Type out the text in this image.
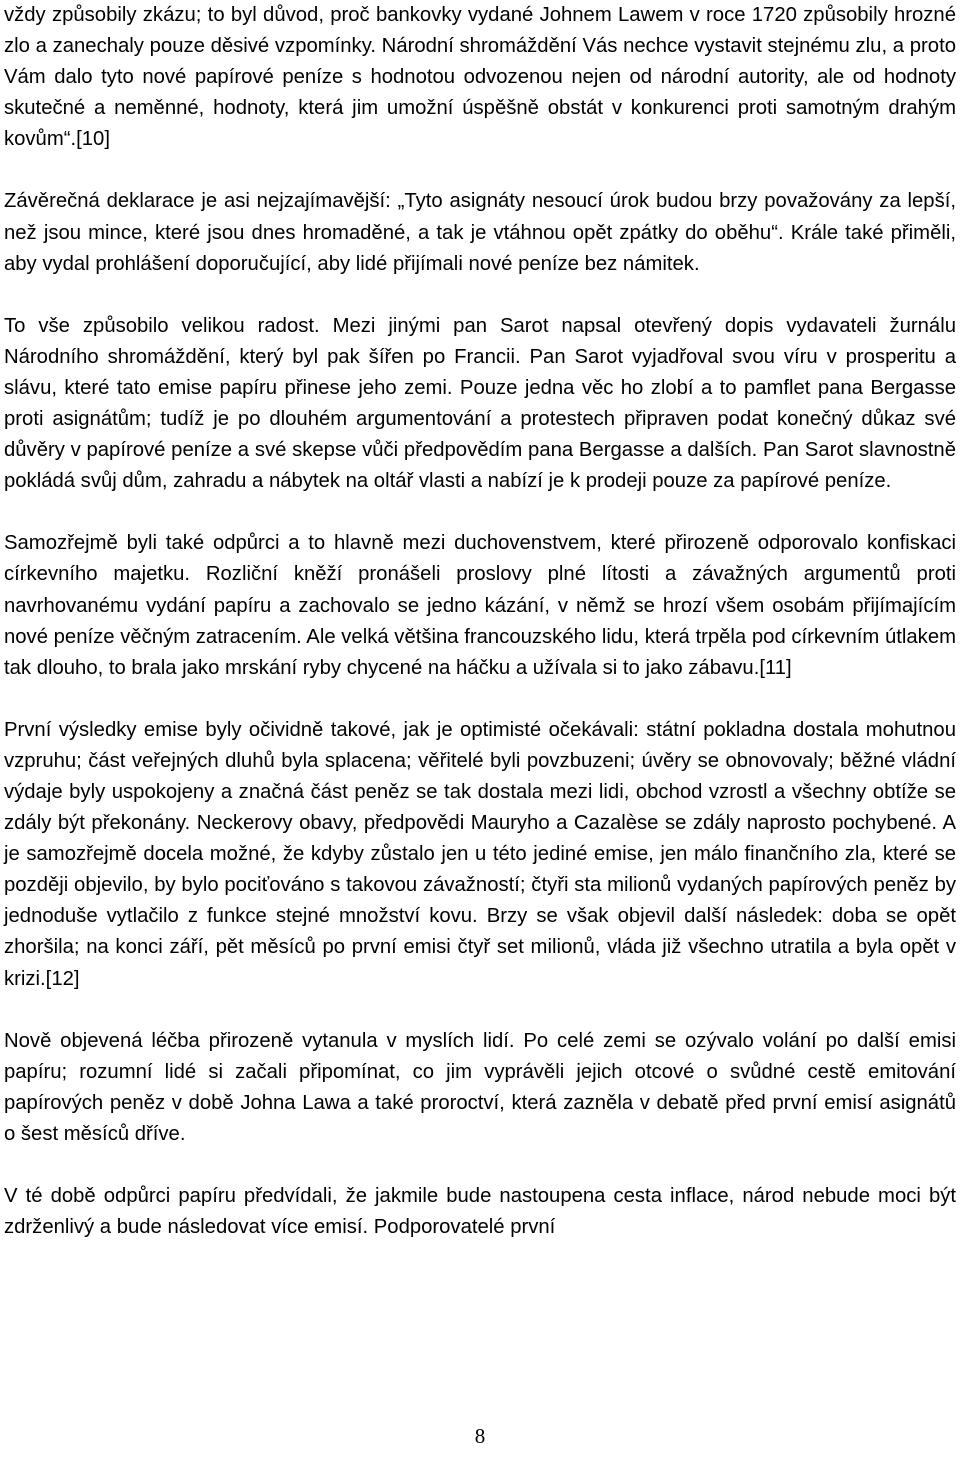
vždy způsobily zkázu; to byl důvod, proč bankovky vydané Johnem Lawem v roce 1720 způsobily hrozné zlo a zanechaly pouze děsivé vzpomínky. Národní shromáždění Vás nechce vystavit stejnému zlu, a proto Vám dalo tyto nové papírové peníze s hodnotou odvozenou nejen od národní autority, ale od hodnoty skutečné a neměnné, hodnoty, která jim umožní úspěšně obstát v konkurenci proti samotným drahým kovům“.[10]

Závěrečná deklarace je asi nejzajímavější: „Tyto asignáty nesoucí úrok budou brzy považovány za lepší, než jsou mince, které jsou dnes hromaděné, a tak je vtáhnou opět zpátky do oběhu“. Krále také přiměli, aby vydal prohlášení doporučující, aby lidé přijímali nové peníze bez námitek.

To vše způsobilo velikou radost. Mezi jinými pan Sarot napsal otevřený dopis vydavateli žurnálu Národního shromáždění, který byl pak šířen po Francii. Pan Sarot vyjadřoval svou víru v prosperitu a slávu, které tato emise papíru přinese jeho zemi. Pouze jedna věc ho zlobí a to pamflet pana Bergasse proti asignátům; tudíž je po dlouhém argumentování a protestech připraven podat konečný důkaz své důvěry v papírové peníze a své skepse vůči předpovědím pana Bergasse a dalších. Pan Sarot slavnostně pokládá svůj dům, zahradu a nábytek na oltář vlasti a nabízí je k prodeji pouze za papírové peníze.

Samozřejmě byli také odpůrci a to hlavně mezi duchovenstvem, které přirozeně odporovalo konfiskaci církevního majetku. Rozliční kněží pronášeli proslovy plné lítosti a závažných argumentů proti navrhovanému vydání papíru a zachovalo se jedno kázání, v němž se hrozí všem osobám přijímajícím nové peníze věčným zatracením. Ale velká většina francouzského lidu, která trpěla pod církevním útlakem tak dlouho, to brala jako mrskání ryby chycené na háčku a užívala si to jako zábavu.[11]

První výsledky emise byly očividně takové, jak je optimisté očekávali: státní pokladna dostala mohutnou vzpruhu; část veřejných dluhů byla splacena; věřitelé byli povzbuzeni; úvěry se obnovovaly; běžné vládní výdaje byly uspokojeny a značná část peněz se tak dostala mezi lidi, obchod vzrostl a všechny obtíže se zdály být překonány. Neckerovy obavy, předpovědi Mauryho a Cazalèse se zdály naprosto pochybené. A je samozřejmě docela možné, že kdyby zůstalo jen u této jediné emise, jen málo finančního zla, které se později objevilo, by bylo pociťováno s takovou závažností; čtyři sta milionů vydaných papírových peněz by jednoduše vytlačilo z funkce stejné množství kovu. Brzy se však objevil další následek: doba se opět zhoršila; na konci září, pět měsíců po první emisi čtyř set milionů, vláda již všechno utratila a byla opět v krizi.[12]

Nově objevená léčba přirozeně vytanula v myslích lidí. Po celé zemi se ozývalo volání po další emisi papíru; rozumní lidé si začali připomínat, co jim vyprávěli jejich otcové o svůdné cestě emitování papírových peněz v době Johna Lawa a také proroctví, která zazněla v debatě před první emisí asignátů o šest měsíců dříve.

V té době odpůrci papíru předvídali, že jakmile bude nastoupena cesta inflace, národ nebude moci být zdrženlivý a bude následovat více emisí. Podporovatelé první

8
